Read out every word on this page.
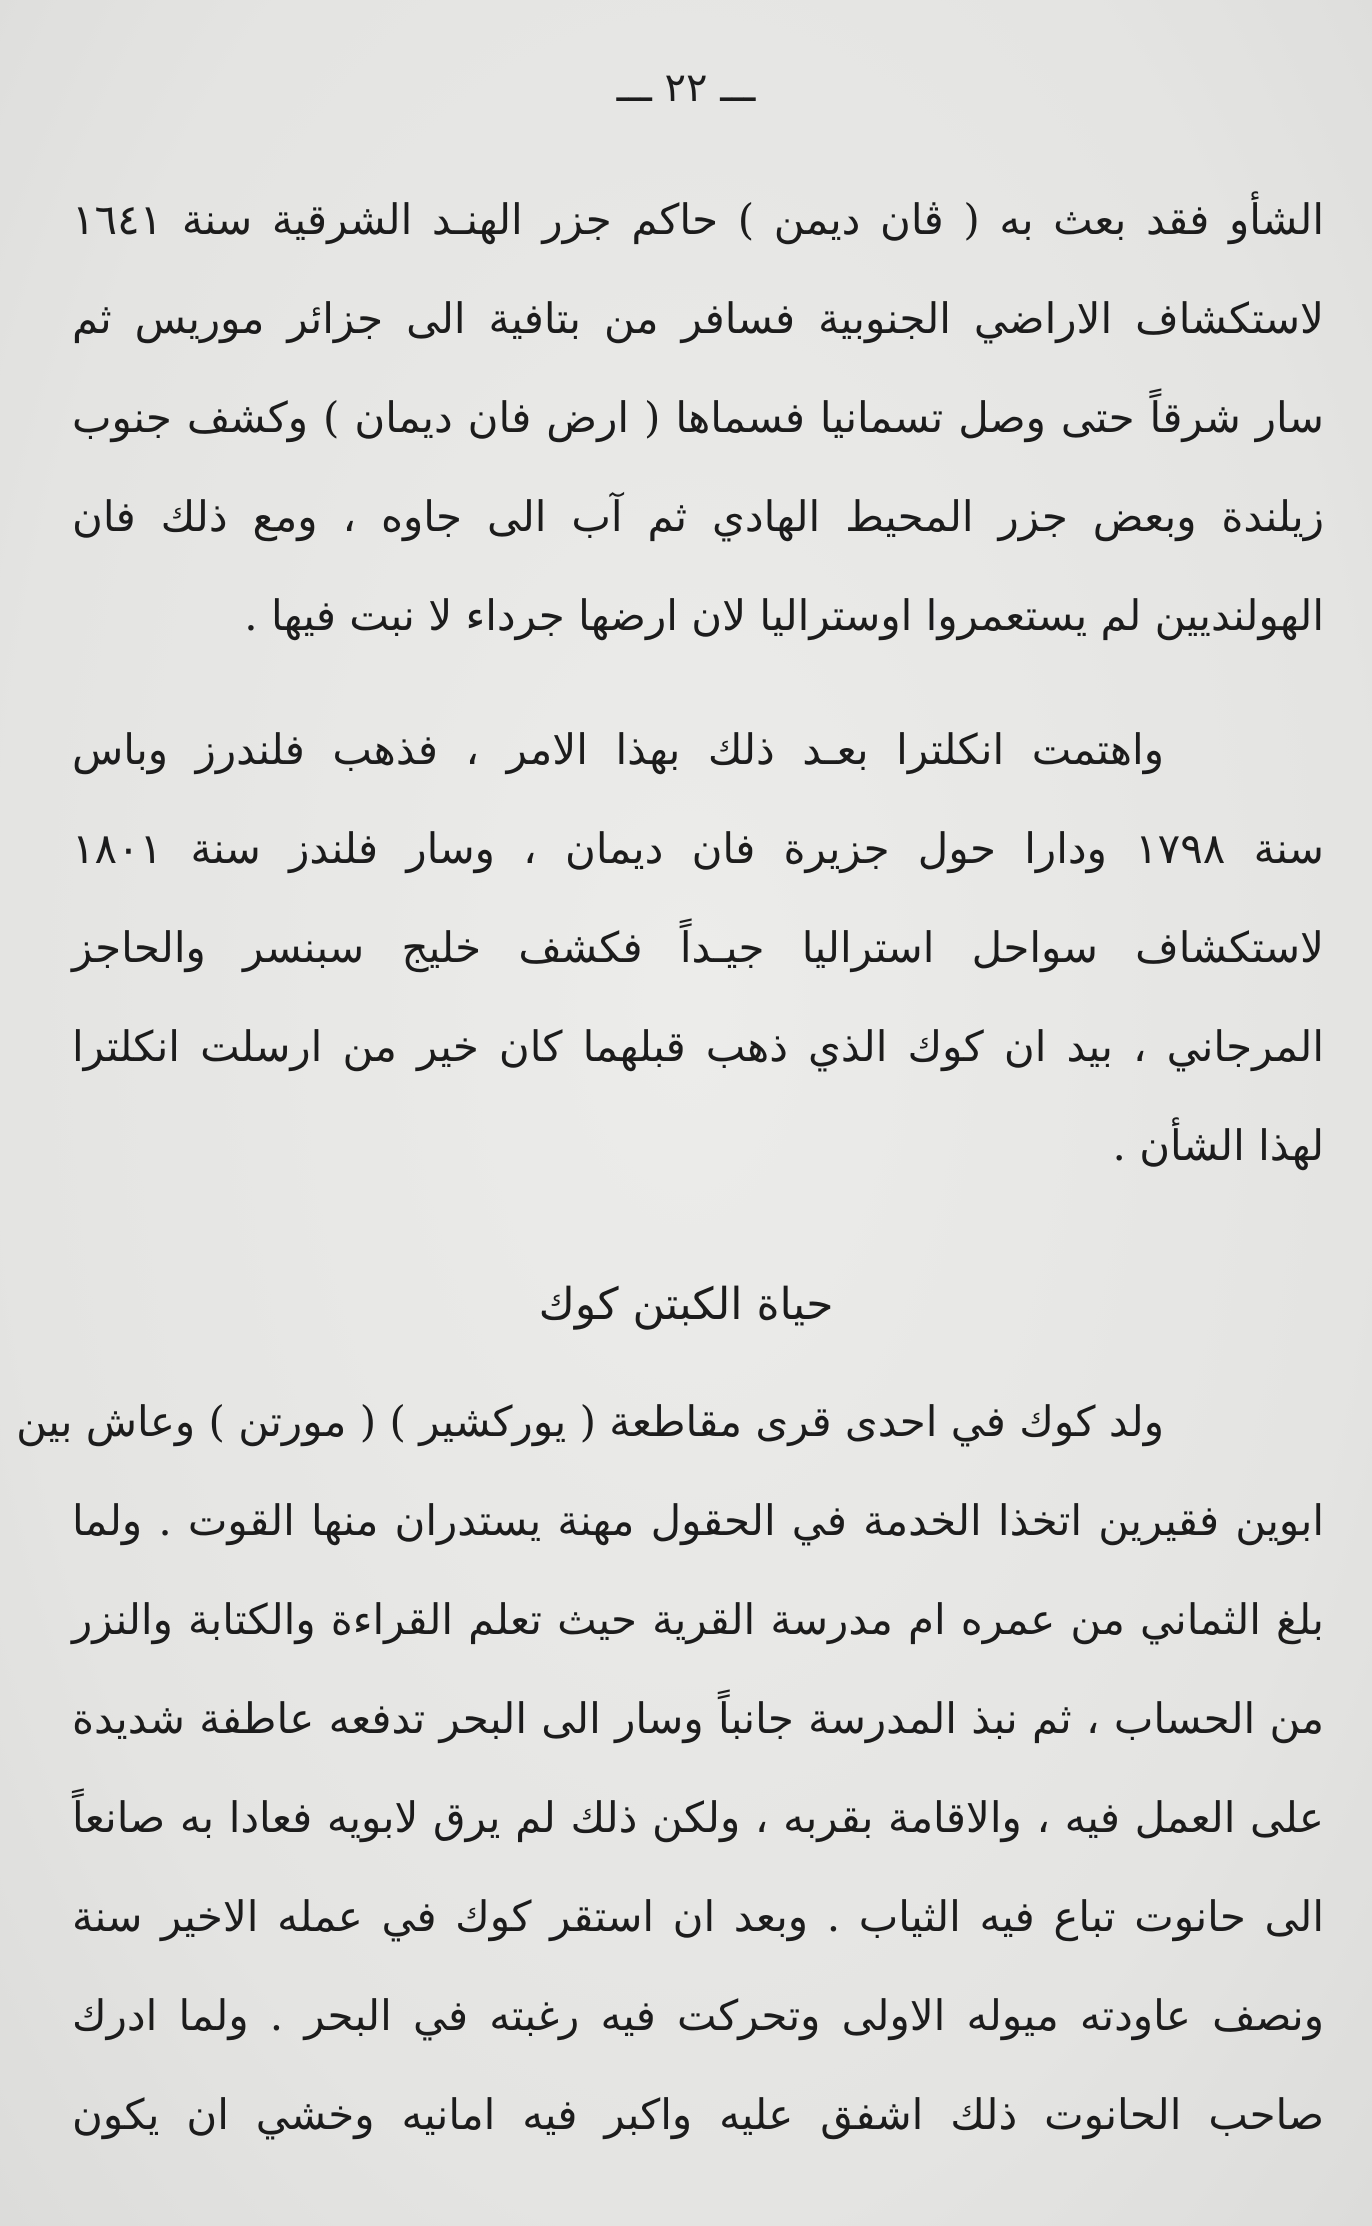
ـــ ٢٢ ـــ
الشأو فقد بعث به ( ڤان ديمن ) حاكم جزر الهنـد الشرقية سنة ١٦٤١
لاستكشاف الاراضي الجنوبية فسافر من بتافية الى جزائر موريس ثم
سار شرقاً حتى وصل تسمانيا فسماها ( ارض فان ديمان ) وكشف جنوب
زيلندة وبعض جزر المحيط الهادي ثم آب الى جاوه ، ومع ذلك فان
الهولنديين لم يستعمروا اوستراليا لان ارضها جرداء لا نبت فيها .
واهتمت انكلترا بعـد ذلك بهذا الامر ، فذهب فلندرز وباس
سنة ١٧٩٨ ودارا حول جزيرة فان ديمان ، وسار فلندز سنة ١٨٠١
لاستكشاف سواحل استراليا جيـداً فكشف خليج سبنسر والحاجز
المرجاني ، بيد ان كوك الذي ذهب قبلهما كان خير من ارسلت انكلترا
لهذا الشأن .
حياة الكبتن كوك
ولد كوك في احدى قرى مقاطعة ( يوركشير ) ( مورتن ) وعاش بين
ابوين فقيرين اتخذا الخدمة في الحقول مهنة يستدران منها القوت . ولما
بلغ الثماني من عمره ام مدرسة القرية حيث تعلم القراءة والكتابة والنزر
من الحساب ، ثم نبذ المدرسة جانباً وسار الى البحر تدفعه عاطفة شديدة
على العمل فيه ، والاقامة بقربه ، ولكن ذلك لم يرق لابويه فعادا به صانعاً
الى حانوت تباع فيه الثياب . وبعد ان استقر كوك في عمله الاخير سنة
ونصف عاودته ميوله الاولى وتحركت فيه رغبته في البحر . ولما ادرك
صاحب الحانوت ذلك اشفق عليه واكبر فيه امانيه وخشي ان يكون
